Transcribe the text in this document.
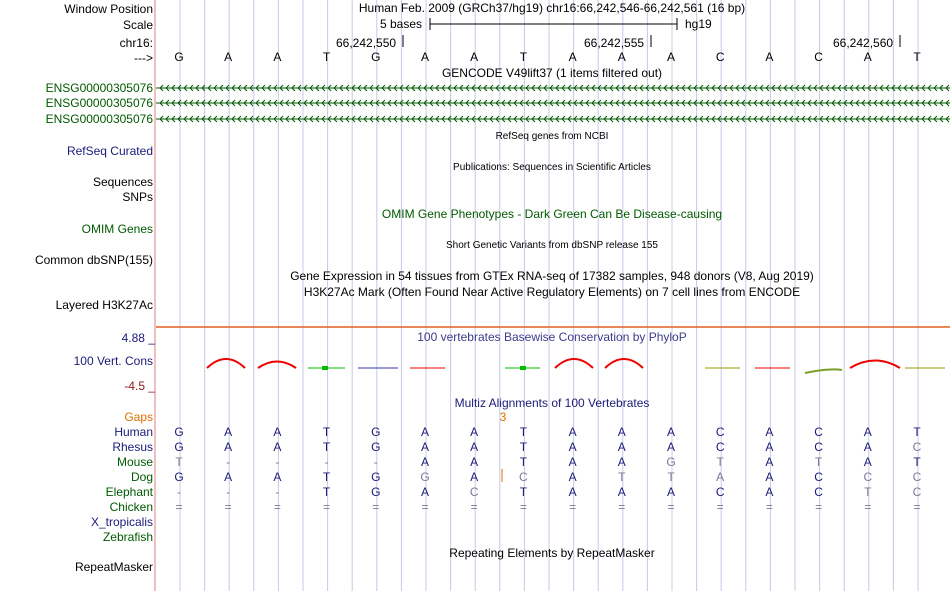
Window Position	Human Feb. 2009 (GRCh37/hg19) chr16:66,242,546-66,242,561 (16 bp)
Scale	5 bases	hg19
chr16:	66,242,550	66,242,555	66,242,560
---> G	A	A	T	G	A	A	T	A	A	A	C	A	C	A	T
GENCODE V49lift37 (1 items filtered out)
ENSG00000305076
ENSG00000305076
ENSG00000305076
RefSeq genes from NCBI
RefSeq Curated
Publications: Sequences in Scientific Articles
Sequences
SNPs
OMIM Gene Phenotypes - Dark Green Can Be Disease-causing
OMIM Genes
Short Genetic Variants from dbSNP release 155
Common dbSNP(155)
Gene Expression in 54 tissues from GTEx RNA-seq of 17382 samples, 948 donors (V8, Aug 2019)
H3K27Ac Mark (Often Found Near Active Regulatory Elements) on 7 cell lines from ENCODE
Layered H3K27Ac
4.88 _	100 vertebrates Basewise Conservation by PhyloP
100 Vert. Cons
-4.5 _
Multiz Alignments of 100 Vertebrates
Gaps	3
Human G	A	A	T	G	A	A	T	A	A	A	C	A	C	A	T
Rhesus G	A	A	T	G	A	A	T	A	A	A	C	A	C	A	C
Mouse T	-	-	-	-	A	A	T	A	A	G	T	A	T	A	T
Dog G	A	A	T	G	G	A	C	A	T	T	A	A	C	C	C
Elephant -	-	-	T	G	A	C	T	A	A	A	C	A	C	T	C
Chicken =	=	=	=	=	=	=	=	=	=	=	=	=	=	=	=
X_tropicalis
Zebrafish
Repeating Elements by RepeatMasker
RepeatMasker
